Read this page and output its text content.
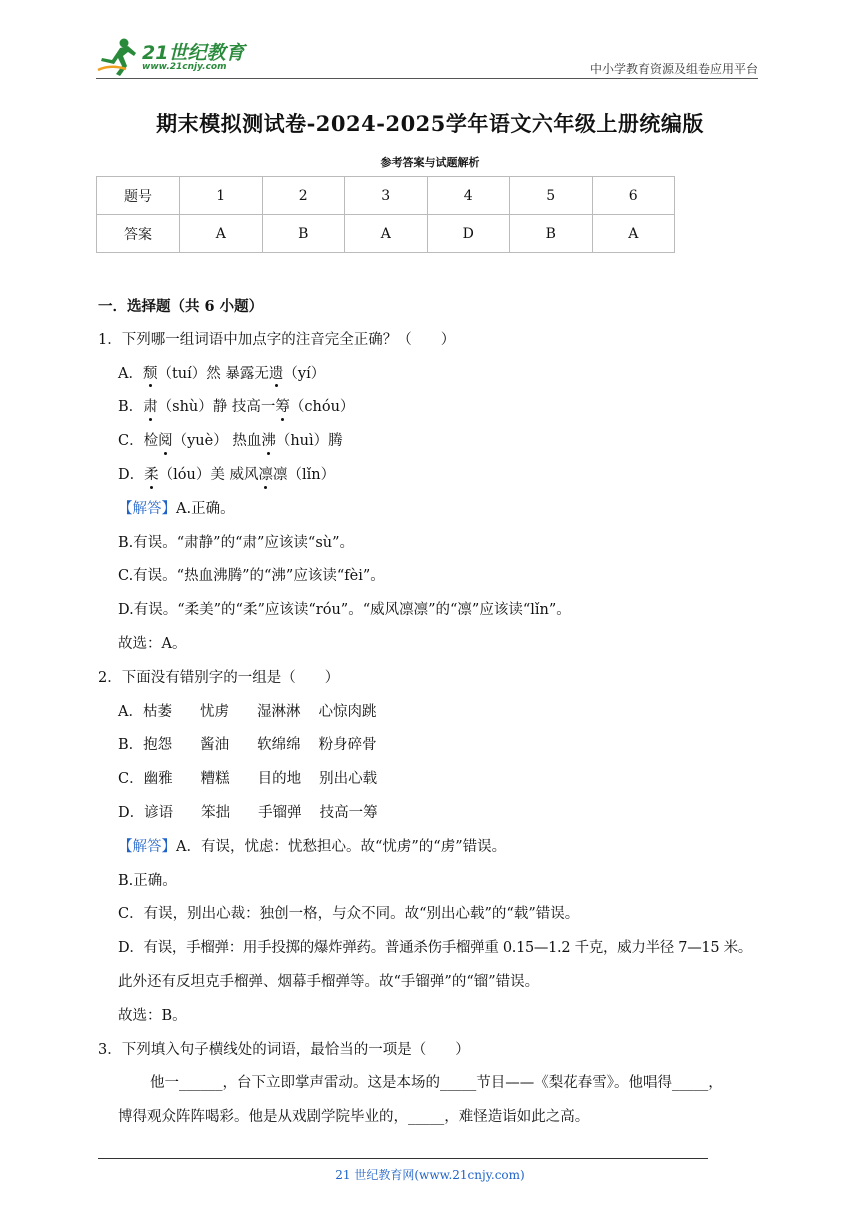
21世纪教育
www.21cnjy.com	中小学教育资源及组卷应用平台
期末模拟测试卷-2024-2025学年语文六年级上册统编版
参考答案与试题解析
题号	1	2	3	4	5	6
答案	A	B	A	D	B	A
一．选择题（共 6 小题）
1．下列哪一组词语中加点字的注音完全正确？（　　）
A．颓（tuí）然 暴露无遗（yí）
B．肃（shù）静 技高一筹（chóu）
C．检阅（yuè） 热血沸（huì）腾
D．柔（lóu）美 威风凛凛（lǐn）
【解答】A.正确。
B.有误。“肃静”的“肃”应该读“sù”。
C.有误。“热血沸腾”的“沸”应该读“fèi”。
D.有误。“柔美”的“柔”应该读“róu”。“威风凛凛”的“凛”应该读“lǐn”。
故选：A。
2．下面没有错别字的一组是（　　）
A．枯萎 忧虏 湿淋淋 心惊肉跳
B．抱怨 酱油 软绵绵 粉身碎骨
C．幽雅 糟糕 目的地 别出心载
D．谚语 笨拙 手镏弹 技高一筹
【解答】A．有误，忧虑：忧愁担心。故“忧虏”的“虏”错误。
B.正确。
C．有误，别出心裁：独创一格，与众不同。故“别出心载”的“载”错误。
D．有误，手榴弹：用手投掷的爆炸弹药。普通杀伤手榴弹重 0.15—1.2 千克，威力半径 7—15 米。
此外还有反坦克手榴弹、烟幕手榴弹等。故“手镏弹”的“镏”错误。
故选：B。
3．下列填入句子横线处的词语，最恰当的一项是（　　）
他一______，台下立即掌声雷动。这是本场的_____节目——《梨花春雪》。他唱得_____，
博得观众阵阵喝彩。他是从戏剧学院毕业的，_____，难怪造诣如此之高。
21 世纪教育网(www.21cnjy.com)
